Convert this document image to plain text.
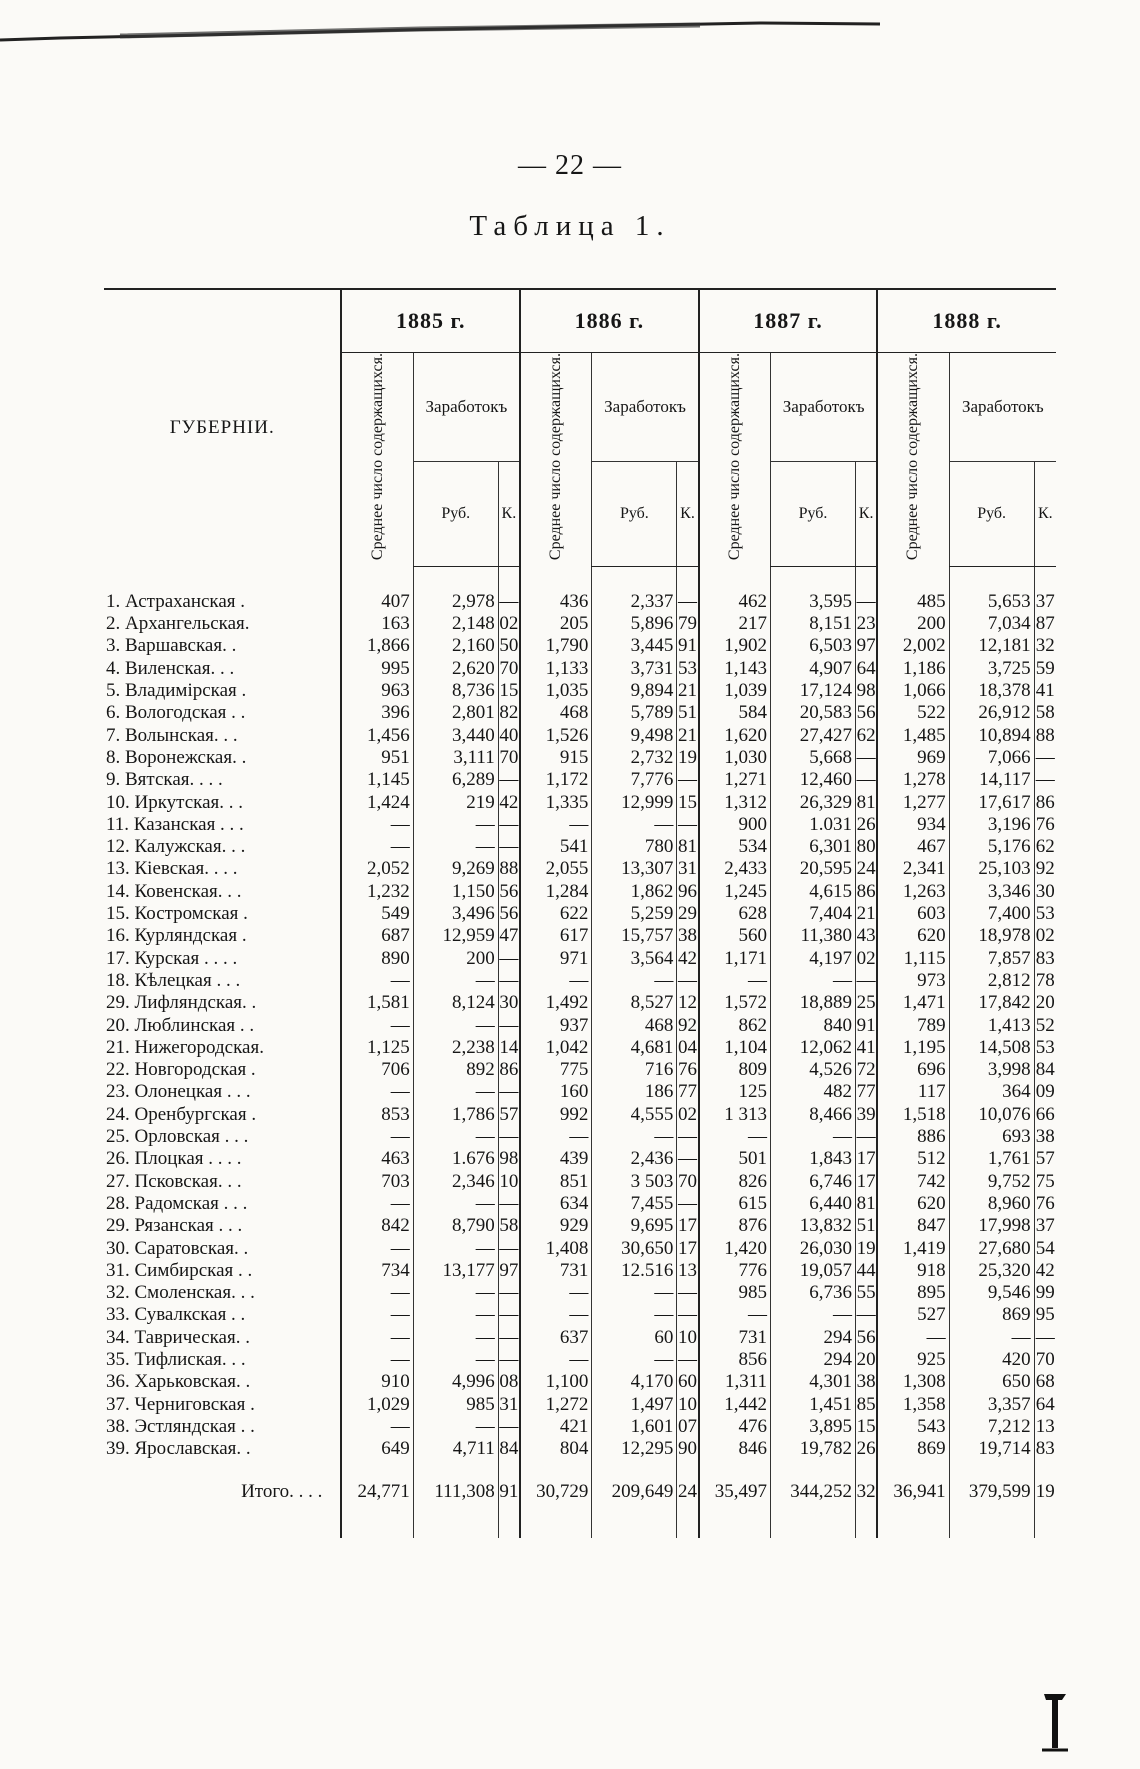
— 22 —
Таблица 1.
ГУБЕРНІИ.	1885 г.			1886 г.			1887 г.			1888 г.		
	Среднее число содержащихся.	Заработокъ		Среднее число содержащихся.	Заработокъ		Среднее число содержащихся.	Заработокъ		Среднее число содержащихся.	Заработокъ	
		Руб.	К.		Руб.	К.		Руб.	К.		Руб.	К.

1. Астраханская .	407	2,978	—	436	2,337	—	462	3,595	—	485	5,653	37
2. Архангельская.	163	2,148	02	205	5,896	79	217	8,151	23	200	7,034	87
3. Варшавская. .	1,866	2,160	50	1,790	3,445	91	1,902	6,503	97	2,002	12,181	32
4. Виленская. . .	995	2,620	70	1,133	3,731	53	1,143	4,907	64	1,186	3,725	59
5. Владимірская .	963	8,736	15	1,035	9,894	21	1,039	17,124	98	1,066	18,378	41
6. Вологодская . .	396	2,801	82	468	5,789	51	584	20,583	56	522	26,912	58
7. Волынская. . .	1,456	3,440	40	1,526	9,498	21	1,620	27,427	62	1,485	10,894	88
8. Воронежская. .	951	3,111	70	915	2,732	19	1,030	5,668	—	969	7,066	—
9. Вятская. . . .	1,145	6,289	—	1,172	7,776	—	1,271	12,460	—	1,278	14,117	—
10. Иркутская. . .	1,424	219	42	1,335	12,999	15	1,312	26,329	81	1,277	17,617	86
11. Казанская . . .	—	—	—	—	—	—	900	1.031	26	934	3,196	76
12. Калужская. . .	—	—	—	541	780	81	534	6,301	80	467	5,176	62
13. Кіевская. . . .	2,052	9,269	88	2,055	13,307	31	2,433	20,595	24	2,341	25,103	92
14. Ковенская. . .	1,232	1,150	56	1,284	1,862	96	1,245	4,615	86	1,263	3,346	30
15. Костромская .	549	3,496	56	622	5,259	29	628	7,404	21	603	7,400	53
16. Курляндская .	687	12,959	47	617	15,757	38	560	11,380	43	620	18,978	02
17. Курская . . . .	890	200	—	971	3,564	42	1,171	4,197	02	1,115	7,857	83
18. Кѣлецкая . . .	—	—	—	—	—	—	—	—	—	973	2,812	78
29. Лифляндская. .	1,581	8,124	30	1,492	8,527	12	1,572	18,889	25	1,471	17,842	20
20. Люблинская . .	—	—	—	937	468	92	862	840	91	789	1,413	52
21. Нижегородская.	1,125	2,238	14	1,042	4,681	04	1,104	12,062	41	1,195	14,508	53
22. Новгородская .	706	892	86	775	716	76	809	4,526	72	696	3,998	84
23. Олонецкая . . .	—	—	—	160	186	77	125	482	77	117	364	09
24. Оренбургская .	853	1,786	57	992	4,555	02	1 313	8,466	39	1,518	10,076	66
25. Орловская . . .	—	—	—	—	—	—	—	—	—	886	693	38
26. Плоцкая . . . .	463	1.676	98	439	2,436	—	501	1,843	17	512	1,761	57
27. Псковская. . .	703	2,346	10	851	3 503	70	826	6,746	17	742	9,752	75
28. Радомская . . .	—	—	—	634	7,455	—	615	6,440	81	620	8,960	76
29. Рязанская . . .	842	8,790	58	929	9,695	17	876	13,832	51	847	17,998	37
30. Саратовская. .	—	—	—	1,408	30,650	17	1,420	26,030	19	1,419	27,680	54
31. Симбирская . .	734	13,177	97	731	12.516	13	776	19,057	44	918	25,320	42
32. Смоленская. . .	—	—	—	—	—	—	985	6,736	55	895	9,546	99
33. Сувалкская . .	—	—	—	—	—	—	—	—	—	527	869	95
34. Таврическая. .	—	—	—	637	60	10	731	294	56	—	—	—
35. Тифлиская. . .	—	—	—	—	—	—	856	294	20	925	420	70
36. Харьковская. .	910	4,996	08	1,100	4,170	60	1,311	4,301	38	1,308	650	68
37. Черниговская .	1,029	985	31	1,272	1,497	10	1,442	1,451	85	1,358	3,357	64
38. Эстляндская . .	—	—	—	421	1,601	07	476	3,895	15	543	7,212	13
39. Ярославская. .	649	4,711	84	804	12,295	90	846	19,782	26	869	19,714	83
Итого. . . .	24,771	111,308	91	30,729	209,649	24	35,497	344,252	32	36,941	379,599	19
